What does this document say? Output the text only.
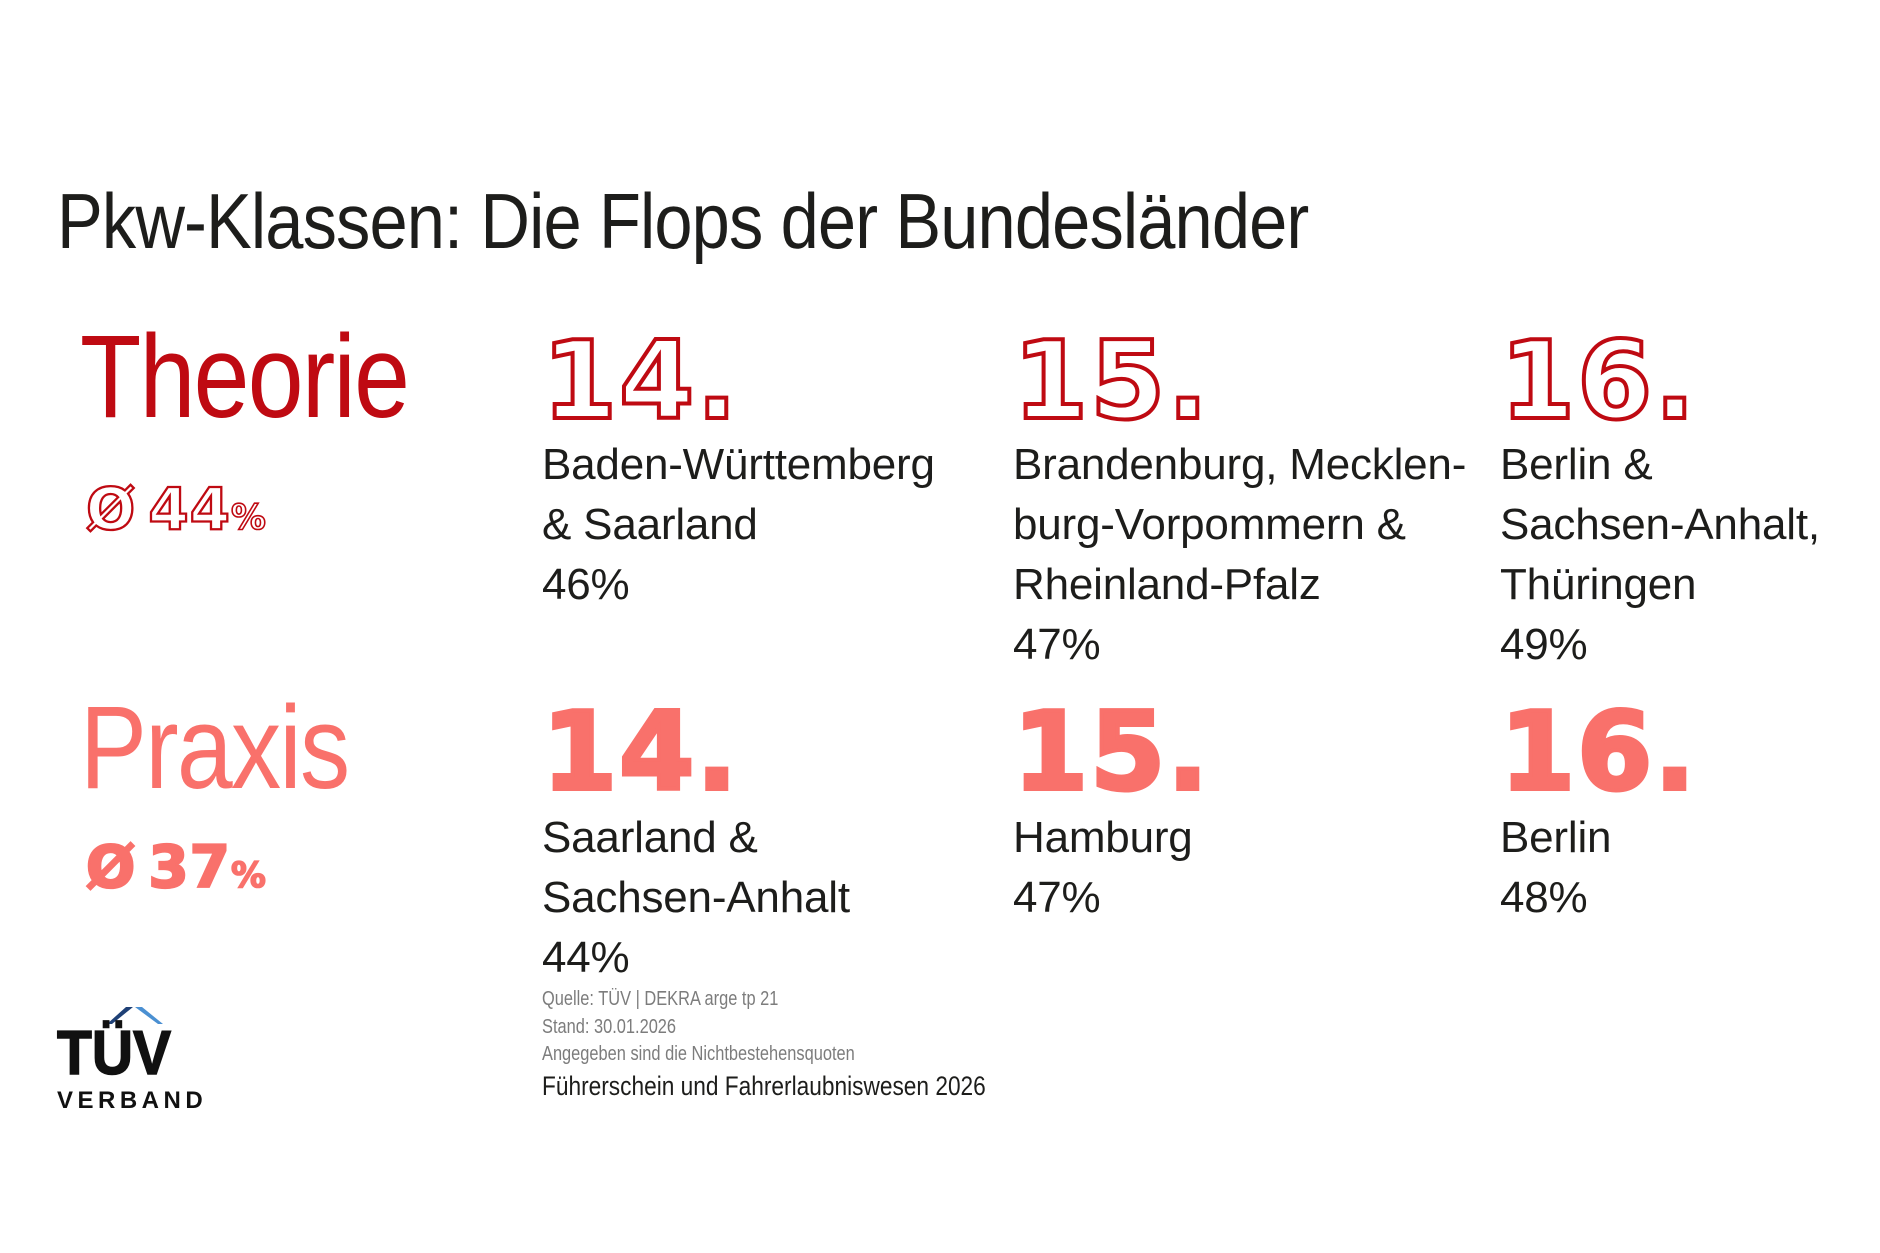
Pkw-Klassen: Die Flops der Bundesländer
Theorie
Ø 44%
14.
Baden-Württemberg
& Saarland
46%
15.
Brandenburg, Mecklen-
burg-Vorpommern &
Rheinland-Pfalz
47%
16.
Berlin &
Sachsen-Anhalt,
Thüringen
49%
Praxis
Ø 37%
14.
Saarland &
Sachsen-Anhalt
44%
15.
Hamburg
47%
16.
Berlin
48%
TÜV
VERBAND
Quelle: TÜV | DEKRA arge tp 21
Stand: 30.01.2026
Angegeben sind die Nichtbestehensquoten
Führerschein und Fahrerlaubniswesen 2026
